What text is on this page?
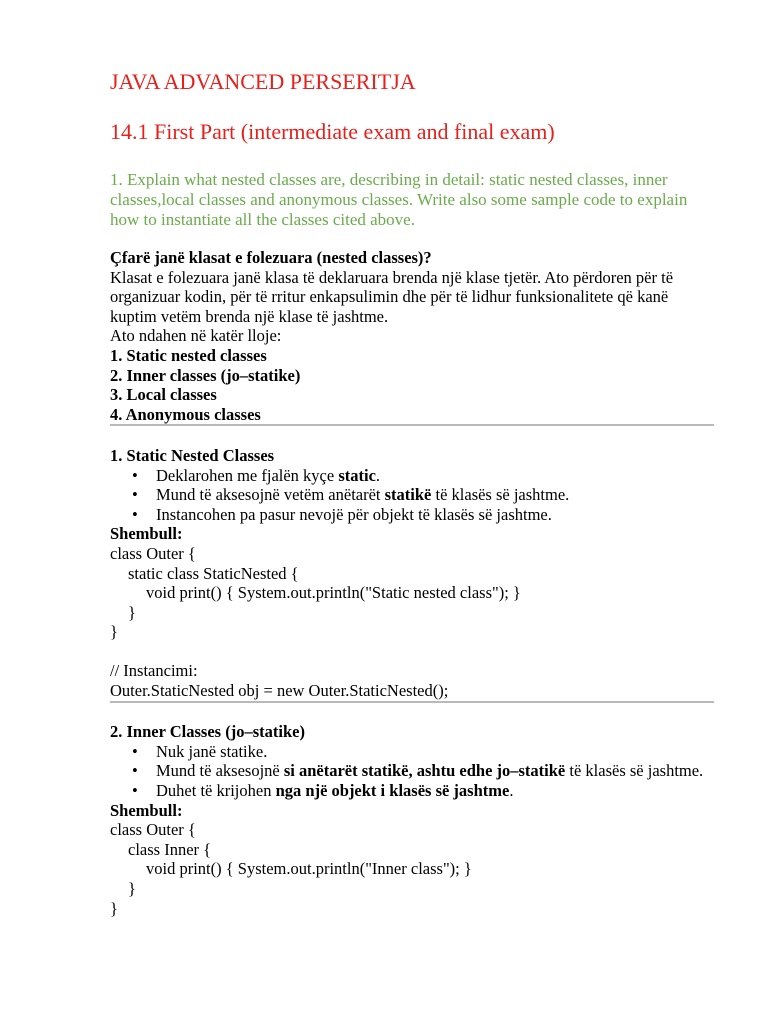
JAVA ADVANCED PERSERITJA
14.1 First Part (intermediate exam and final exam)
1. Explain what nested classes are, describing in detail: static nested classes, inner classes,local classes and anonymous classes. Write also some sample code to explain how to instantiate all the classes cited above.
Çfarë janë klasat e folezuara (nested classes)?
Klasat e folezuara janë klasa të deklaruara brenda një klase tjetër. Ato përdoren për të organizuar kodin, për të rritur enkapsulimin dhe për të lidhur funksionalitete që kanë kuptim vetëm brenda një klase të jashtme.
Ato ndahen në katër lloje:
1. Static nested classes
2. Inner classes (jo–statike)
3. Local classes
4. Anonymous classes
1. Static Nested Classes
• Deklarohen me fjalën kyçe static.
• Mund të aksesojnë vetëm anëtarët statikë të klasës së jashtme.
• Instancohen pa pasur nevojë për objekt të klasës së jashtme.
Shembull:
class Outer {
static class StaticNested {
void print() { System.out.println("Static nested class"); }
}
}
// Instancimi:
Outer.StaticNested obj = new Outer.StaticNested();
2. Inner Classes (jo–statike)
• Nuk janë statike.
• Mund të aksesojnë si anëtarët statikë, ashtu edhe jo–statikë të klasës së jashtme.
• Duhet të krijohen nga një objekt i klasës së jashtme.
Shembull:
class Outer {
class Inner {
void print() { System.out.println("Inner class"); }
}
}
